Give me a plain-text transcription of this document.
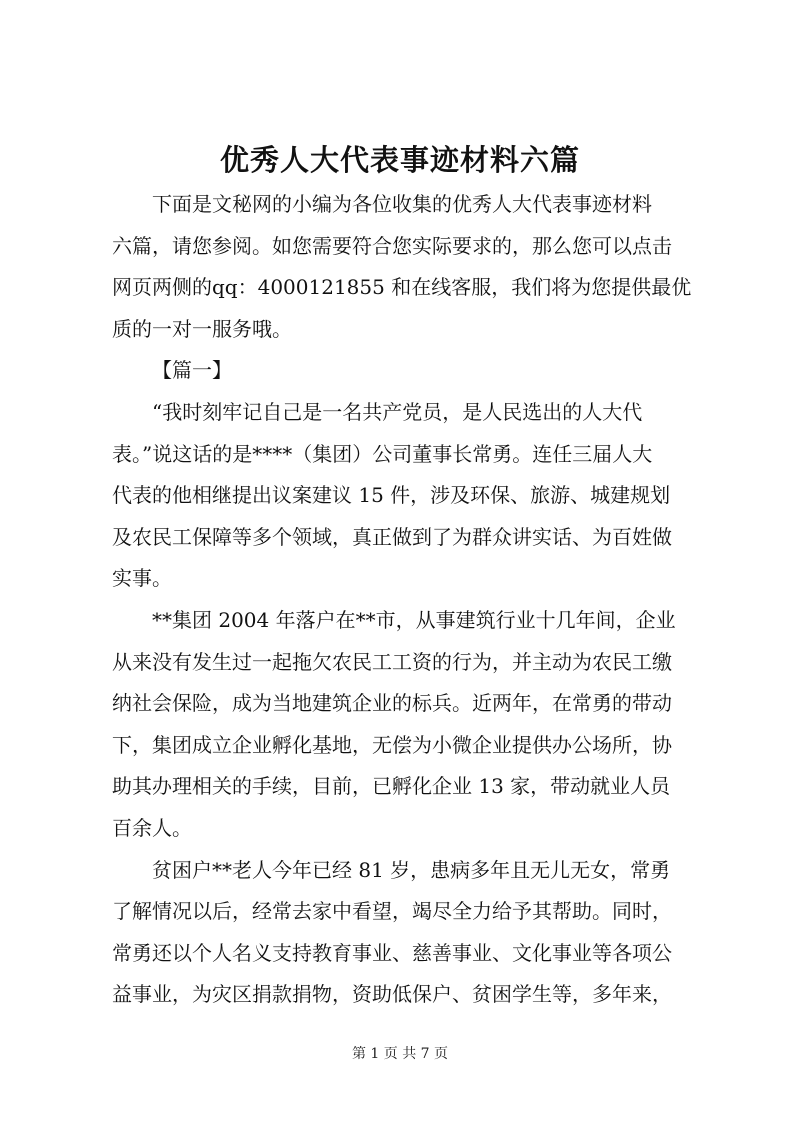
优秀人大代表事迹材料六篇

下面是文秘网的小编为各位收集的优秀人大代表事迹材料
六篇，请您参阅。如您需要符合您实际要求的，那么您可以点击
网页两侧的qq：4000121855 和在线客服，我们将为您提供最优
质的一对一服务哦。

【篇一】

“我时刻牢记自己是一名共产党员，是人民选出的人大代
表。”说这话的是****（集团）公司董事长常勇。连任三届人大
代表的他相继提出议案建议 15 件，涉及环保、旅游、城建规划
及农民工保障等多个领域，真正做到了为群众讲实话、为百姓做
实事。

**集团 2004 年落户在**市，从事建筑行业十几年间，企业
从来没有发生过一起拖欠农民工工资的行为，并主动为农民工缴
纳社会保险，成为当地建筑企业的标兵。近两年，在常勇的带动
下，集团成立企业孵化基地，无偿为小微企业提供办公场所，协
助其办理相关的手续，目前，已孵化企业 13 家，带动就业人员
百余人。

贫困户**老人今年已经 81 岁，患病多年且无儿无女，常勇
了解情况以后，经常去家中看望，竭尽全力给予其帮助。同时，
常勇还以个人名义支持教育事业、慈善事业、文化事业等各项公
益事业，为灾区捐款捐物，资助低保户、贫困学生等，多年来，

第 1 页 共 7 页
